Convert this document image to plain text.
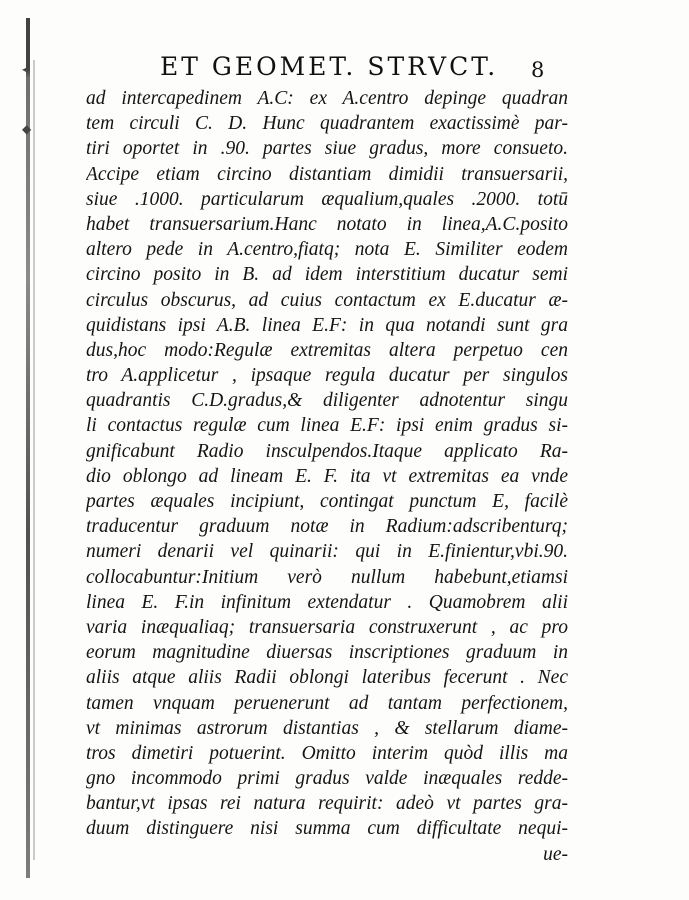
◂
◆
ET GEOMET. STRVCT. 8
ad intercapedinem A.C: ex A.centro depinge quadran
tem circuli C. D. Hunc quadrantem exactissimè par-
tiri oportet in .90. partes siue gradus, more consueto.
Accipe etiam circino distantiam dimidii transuersarii,
siue .1000. particularum æqualium,quales .2000. totū
habet transuersarium.Hanc notato in linea,A.C.posito
altero pede in A.centro,fiatq; nota E. Similiter eodem
circino posito in B. ad idem interstitium ducatur semi
circulus obscurus, ad cuius contactum ex E.ducatur æ-
quidistans ipsi A.B. linea E.F: in qua notandi sunt gra
dus,hoc modo:Regulæ extremitas altera perpetuo cen
tro A.applicetur , ipsaque regula ducatur per singulos
quadrantis C.D.gradus,& diligenter adnotentur singu
li contactus regulæ cum linea E.F: ipsi enim gradus si-
gnificabunt Radio insculpendos.Itaque applicato Ra-
dio oblongo ad lineam E. F. ita vt extremitas ea vnde
partes æquales incipiunt, contingat punctum E, facilè
traducentur graduum notæ in Radium:adscribenturq;
numeri denarii vel quinarii: qui in E.finientur,vbi.90.
collocabuntur:Initium verò nullum habebunt,etiamsi
linea E. F.in infinitum extendatur . Quamobrem alii
varia inæqualiaq; transuersaria construxerunt , ac pro
eorum magnitudine diuersas inscriptiones graduum in
aliis atque aliis Radii oblongi lateribus fecerunt . Nec
tamen vnquam peruenerunt ad tantam perfectionem,
vt minimas astrorum distantias , & stellarum diame-
tros dimetiri potuerint. Omitto interim quòd illis ma
gno incommodo primi gradus valde inæquales redde-
bantur,vt ipsas rei natura requirit: adeò vt partes gra-
duum distinguere nisi summa cum difficultate nequi-
ue-
